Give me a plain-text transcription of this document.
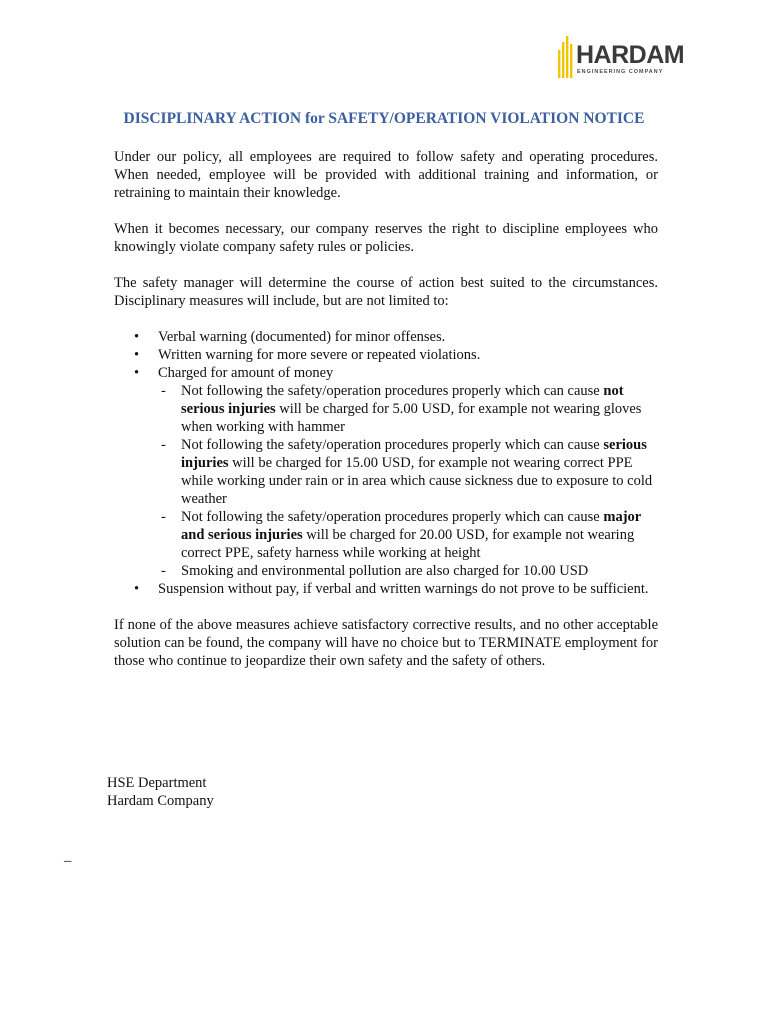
HARDAM
ENGINEERING COMPANY
DISCIPLINARY ACTION for SAFETY/OPERATION VIOLATION NOTICE

Under our policy, all employees are required to follow safety and operating procedures. When needed, employee will be provided with additional training and information, or retraining to maintain their knowledge.

When it becomes necessary, our company reserves the right to discipline employees who knowingly violate company safety rules or policies.

The safety manager will determine the course of action best suited to the circumstances. Disciplinary measures will include, but are not limited to:

• Verbal warning (documented) for minor offenses.
• Written warning for more severe or repeated violations.
• Charged for amount of money
- Not following the safety/operation procedures properly which can cause not serious injuries will be charged for 5.00 USD, for example not wearing gloves when working with hammer
- Not following the safety/operation procedures properly which can cause serious injuries will be charged for 15.00 USD, for example not wearing correct PPE while working under rain or in area which cause sickness due to exposure to cold weather
- Not following the safety/operation procedures properly which can cause major and serious injuries will be charged for 20.00 USD, for example not wearing correct PPE, safety harness while working at height
- Smoking and environmental pollution are also charged for 10.00 USD
• Suspension without pay, if verbal and written warnings do not prove to be sufficient.

If none of the above measures achieve satisfactory corrective results, and no other acceptable solution can be found, the company will have no choice but to TERMINATE employment for those who continue to jeopardize their own safety and the safety of others.

HSE Department
Hardam Company
_
